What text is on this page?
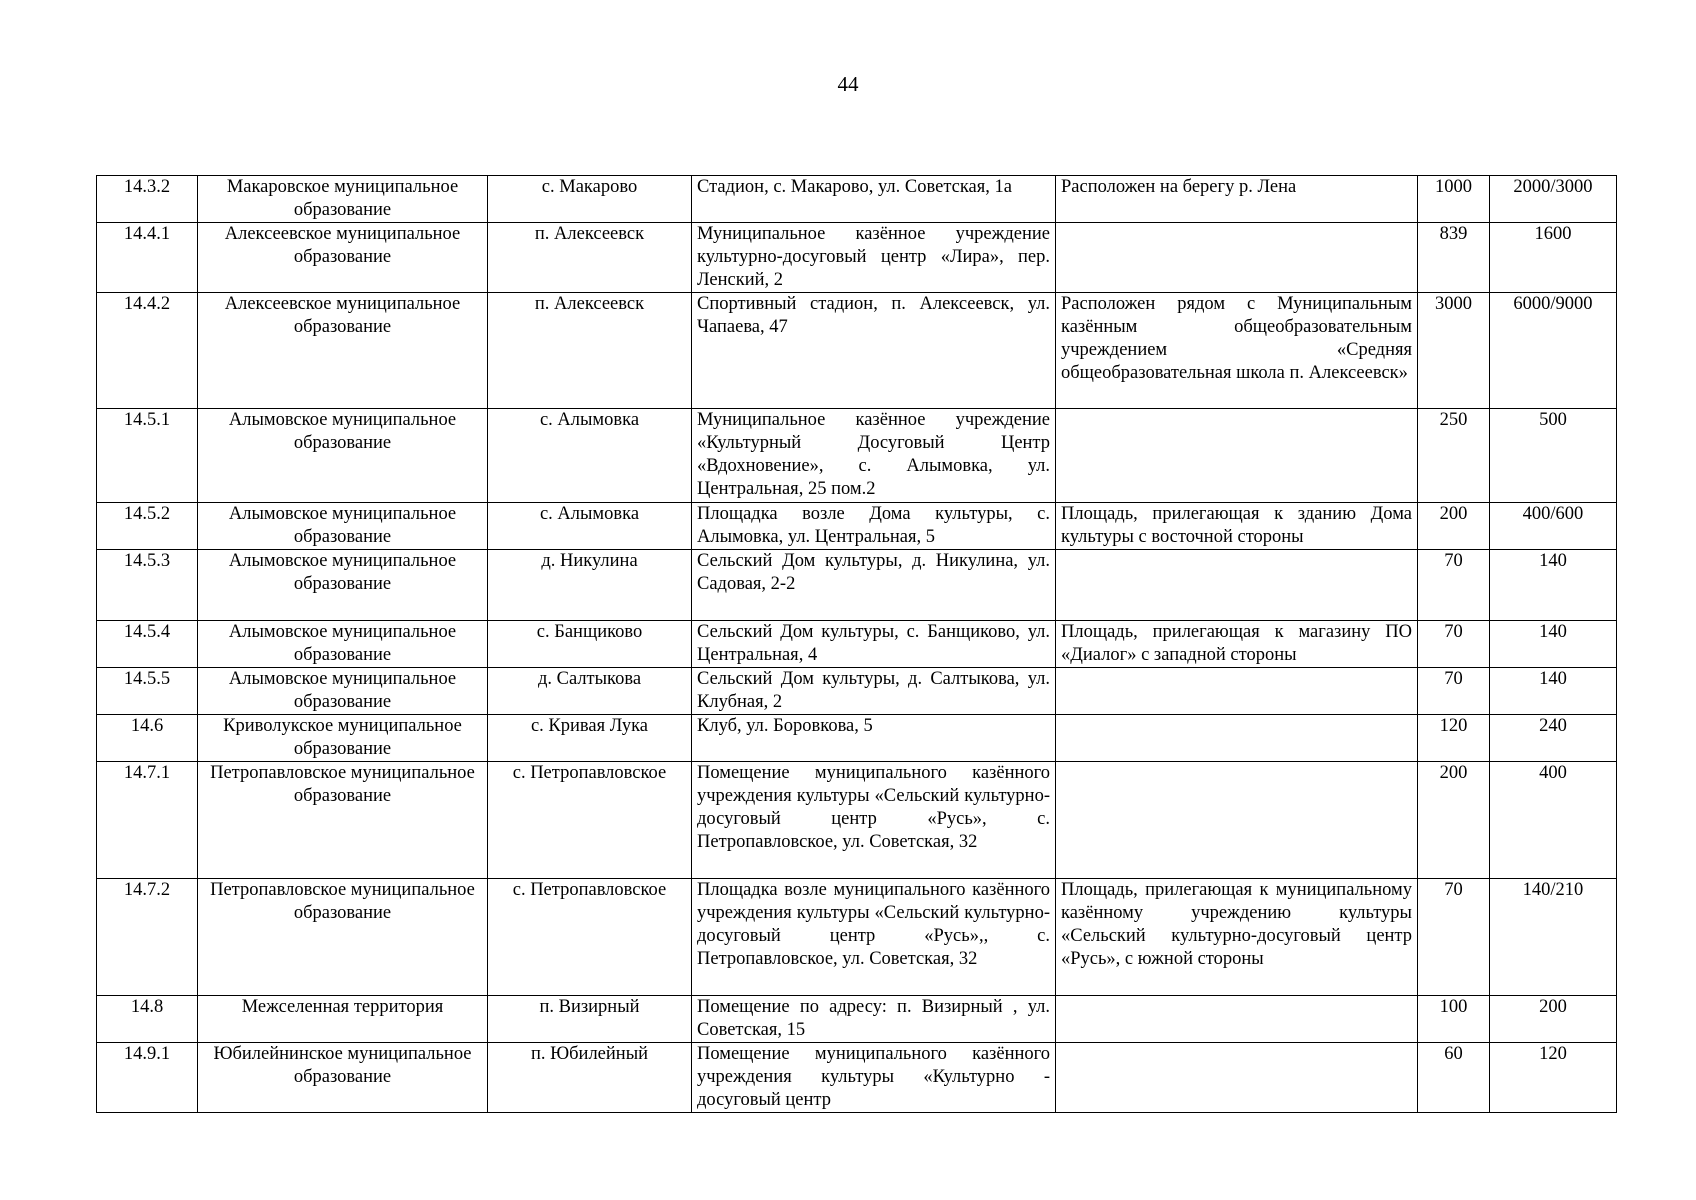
44
14.3.2	Макаровское муниципальное образование	с. Макарово	Стадион, с. Макарово, ул. Советская, 1а	Расположен на берегу р. Лена	1000	2000/3000
14.4.1	Алексеевское муниципальное образование	п. Алексеевск	Муниципальное казённое учреждение культурно-досуговый центр «Лира», пер. Ленский, 2		839	1600
14.4.2	Алексеевское муниципальное образование	п. Алексеевск	Спортивный стадион, п. Алексеевск, ул. Чапаева, 47	Расположен рядом с Муниципальным казённым общеобразовательным учреждением «Средняя общеобразовательная школа п. Алексеевск»	3000	6000/9000
14.5.1	Алымовское муниципальное образование	с. Алымовка	Муниципальное казённое учреждение «Культурный Досуговый Центр «Вдохновение», с. Алымовка, ул. Центральная, 25 пом.2		250	500
14.5.2	Алымовское муниципальное образование	с. Алымовка	Площадка возле Дома культуры, с. Алымовка, ул. Центральная, 5	Площадь, прилегающая к зданию Дома культуры с восточной стороны	200	400/600
14.5.3	Алымовское муниципальное образование	д. Никулина	Сельский Дом культуры, д. Никулина, ул. Садовая, 2-2		70	140
14.5.4	Алымовское муниципальное образование	с. Банщиково	Сельский Дом культуры, с. Банщиково, ул. Центральная, 4	Площадь, прилегающая к магазину ПО «Диалог» с западной стороны	70	140
14.5.5	Алымовское муниципальное образование	д. Салтыкова	Сельский Дом культуры, д. Салтыкова, ул. Клубная, 2		70	140
14.6	Криволукское муниципальное образование	с. Кривая Лука	Клуб, ул. Боровкова, 5		120	240
14.7.1	Петропавловское муниципальное образование	с. Петропавловское	Помещение муниципального казённого учреждения культуры «Сельский культурно-досуговый центр «Русь», с. Петропавловское, ул. Советская, 32		200	400
14.7.2	Петропавловское муниципальное образование	с. Петропавловское	Площадка возле муниципального казённого учреждения культуры «Сельский культурно-досуговый центр «Русь»,, с. Петропавловское, ул. Советская, 32	Площадь, прилегающая к муниципальному казённому учреждению культуры «Сельский культурно-досуговый центр «Русь», с южной стороны	70	140/210
14.8	Межселенная территория	п. Визирный	Помещение по адресу: п. Визирный , ул. Советская, 15		100	200
14.9.1	Юбилейнинское муниципальное образование	п. Юбилейный	Помещение муниципального казённого учреждения культуры «Культурно - досуговый центр		60	120
